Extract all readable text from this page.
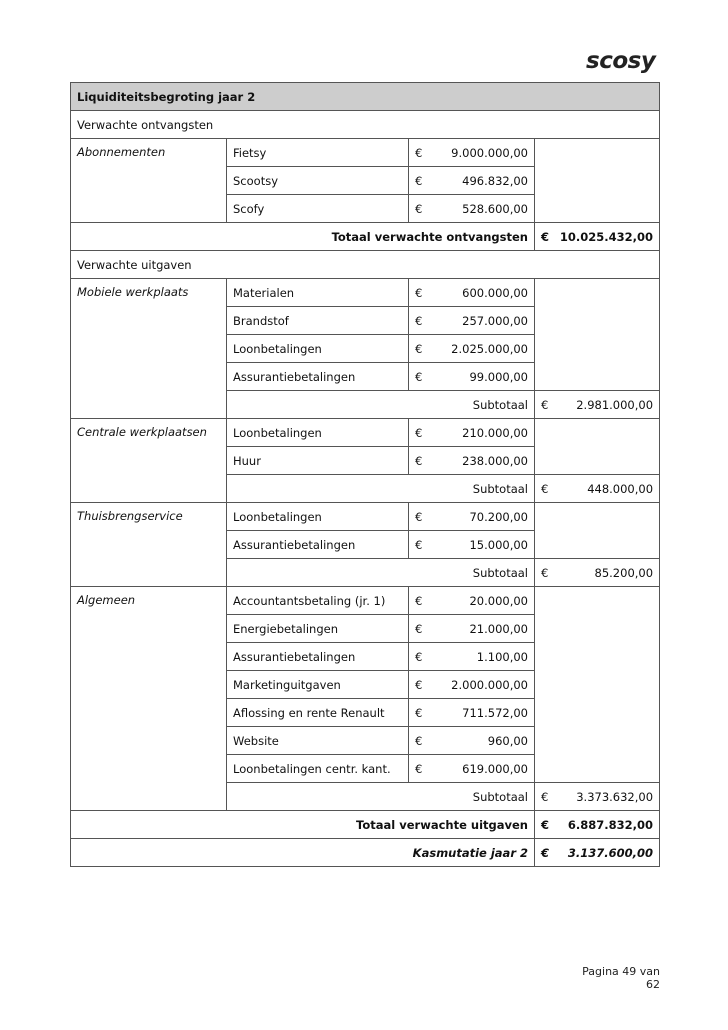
scosy
Liquiditeitsbegroting jaar 2			
Verwachte ontvangsten			
Abonnementen	Fietsy	€ 9.000.000,00	
	Scootsy	€ 496.832,00	
	Scofy	€ 528.600,00	
Totaal verwachte ontvangsten			€ 10.025.432,00
Verwachte uitgaven			
Mobiele werkplaats	Materialen	€ 600.000,00	
	Brandstof	€ 257.000,00	
	Loonbetalingen	€ 2.025.000,00	
	Assurantiebetalingen	€ 99.000,00	
	Subtotaal		€ 2.981.000,00
Centrale werkplaatsen	Loonbetalingen	€ 210.000,00	
	Huur	€ 238.000,00	
	Subtotaal		€ 448.000,00
Thuisbrengservice	Loonbetalingen	€ 70.200,00	
	Assurantiebetalingen	€ 15.000,00	
	Subtotaal		€ 85.200,00
Algemeen	Accountantsbetaling (jr. 1)	€ 20.000,00	
	Energiebetalingen	€ 21.000,00	
	Assurantiebetalingen	€ 1.100,00	
	Marketinguitgaven	€ 2.000.000,00	
	Aflossing en rente Renault	€ 711.572,00	
	Website	€ 960,00	
	Loonbetalingen centr. kant.	€ 619.000,00	
	Subtotaal		€ 3.373.632,00
Totaal verwachte uitgaven			€ 6.887.832,00
Kasmutatie jaar 2			€ 3.137.600,00
Pagina 49 van 62
